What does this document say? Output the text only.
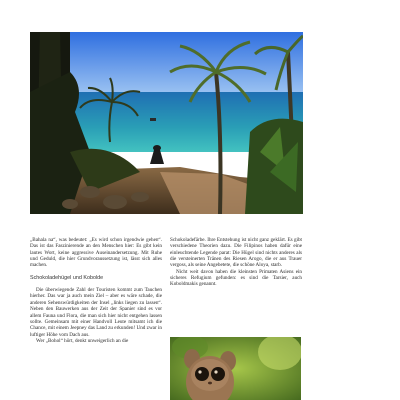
„Bahala na“, was bedeutet: „Es wird schon irgendwie gehen“. Das ist das Faszinierende an den Menschen hier: Es gibt kein lautes Wort, keine aggressive Auseinandersetzung. Mit Ruhe und Geduld, die hier Grundvoraussetzung ist, lässt sich alles machen.

Schokoladehügel und Kobolde

Die überwiegende Zahl der Touristen kommt zum Tauchen hierher. Das war ja auch mein Ziel – aber es wäre schade, die anderen Sehenswürdigkeiten der Insel „links liegen zu lassen“. Neben den Bauwerken aus der Zeit der Spanier sind es vor allem Fauna und Flora, die man sich hier nicht entgehen lassen sollte. Gemeinsam mit einer Handvoll Leute mitsamt ich die Chance, mit einem Jeepney das Land zu erkunden! Und zwar in luftiger Höhe vom Dach aus.

Wer „Bohol“ hört, denkt unweigerlich an die

Schokoladefärbe. Ihre Entstehung ist nicht ganz geklärt. Es gibt verschiedene Theorien dazu. Die Filipinos haben dafür eine einleuchtende Legende parat: Die Hügel sind nichts anderes als die versteinerten Tränen des Riesen Arogo, die er aus Trauer vergoss, als seine Angebetete, die schöne Aloya, starb.

Nicht weit davon haben die kleinsten Primaten Asiens ein sicheres Refugium gefunden: es sind die Tarsier, auch Koboldmakis genannt.
